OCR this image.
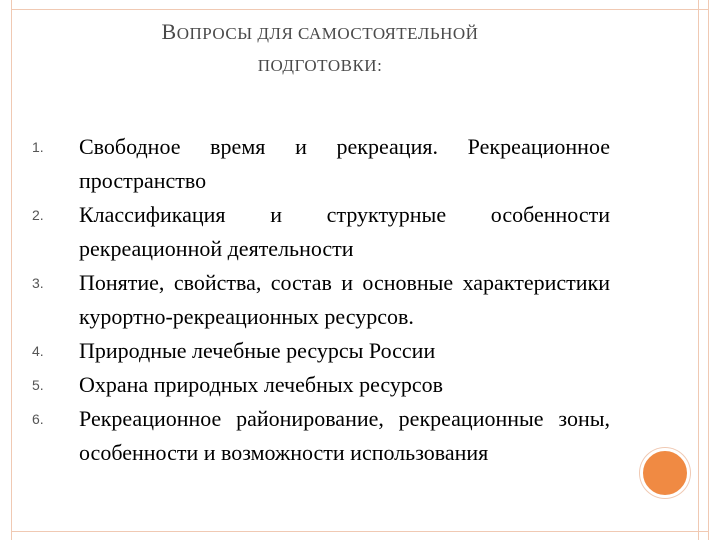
ВОПРОСЫ ДЛЯ САМОСТОЯТЕЛЬНОЙ
ПОДГОТОВКИ:
1. Свободное время и рекреация. Рекреационное пространство
2. Классификация и структурные особенности рекреационной деятельности
3. Понятие, свойства, состав и основные характеристики курортно-рекреационных ресурсов.
4. Природные лечебные ресурсы России
5. Охрана природных лечебных ресурсов
6. Рекреационное районирование, рекреационные зоны, особенности и возможности использования
